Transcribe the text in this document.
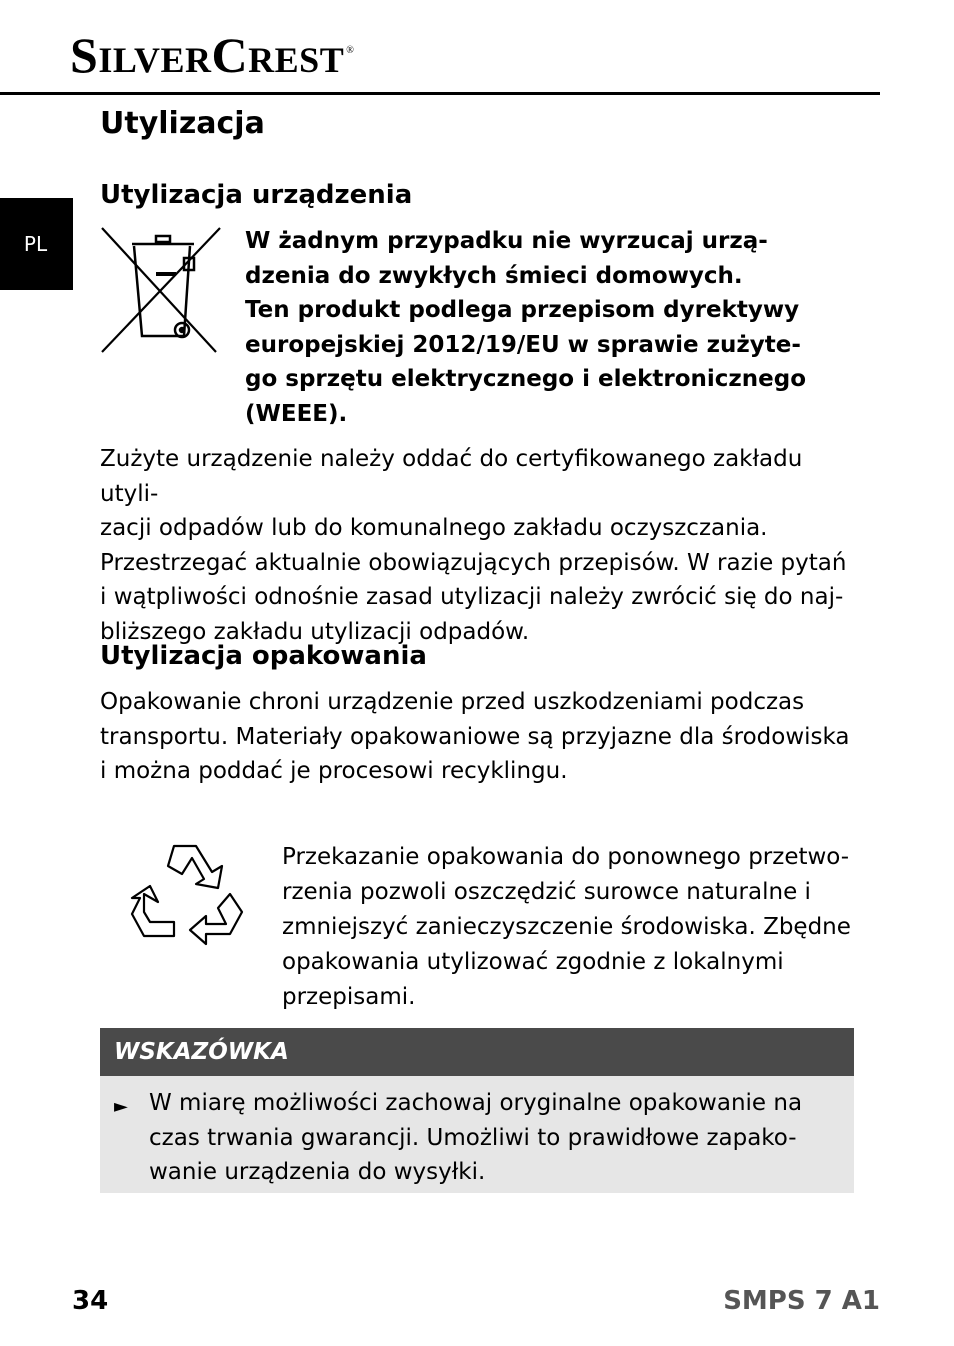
SILVERCREST ®
PL
Utylizacja
Utylizacja urządzenia

W żadnym przypadku nie wyrzucaj urzą-

dzenia do zwykłych śmieci domowych.

Ten produkt podlega przepisom dyrektywy

europejskiej 2012/19/EU w sprawie zużyte-

go sprzętu elektrycznego i elektronicznego

(WEEE).

Zużyte urządzenie należy oddać do certyfikowanego zakładu utyli-

zacji odpadów lub do komunalnego zakładu oczyszczania.

Przestrzegać aktualnie obowiązujących przepisów. W razie pytań

i wątpliwości odnośnie zasad utylizacji należy zwrócić się do naj-

bliższego zakładu utylizacji odpadów.

Utylizacja opakowania

Opakowanie chroni urządzenie przed uszkodzeniami podczas

transportu. Materiały opakowaniowe są przyjazne dla środowiska

i można poddać je procesowi recyklingu.

Przekazanie opakowania do ponownego przetwo-

rzenia pozwoli oszczędzić surowce naturalne i

zmniejszyć zanieczyszczenie środowiska. Zbędne

opakowania utylizować zgodnie z lokalnymi

przepisami.

WSKAZÓWKA
► W miarę możliwości zachowaj oryginalne opakowanie na
czas trwania gwarancji. Umożliwi to prawidłowe zapako-
wanie urządzenia do wysyłki.
34	SMPS 7 A1
